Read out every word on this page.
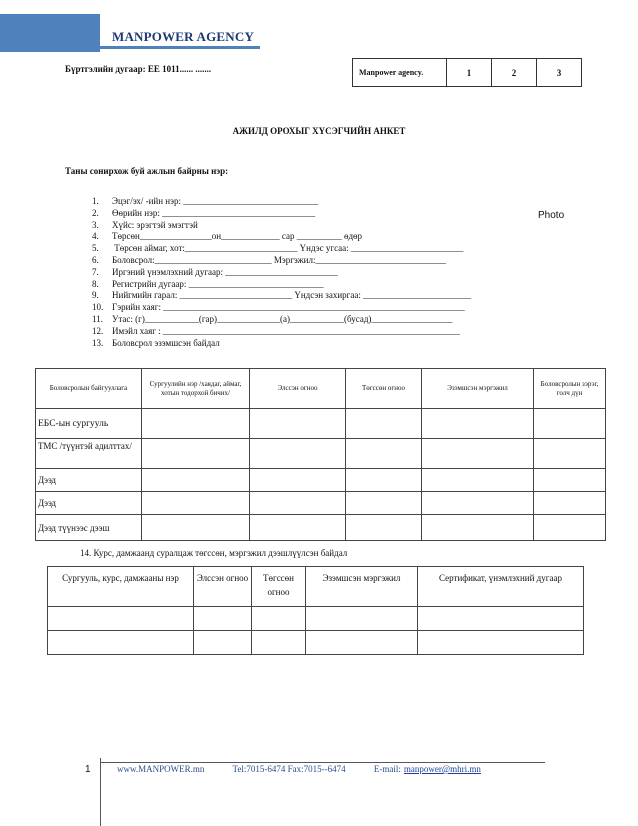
MANPOWER AGENCY
Бүртгэлийн дугаар: ЕЕ 1011...... .......	Manpower agency.	1	2	3
АЖИЛД ОРОХЫГ ХҮСЭГЧИЙН АНКЕТ
Таны сонирхож буй ажлын байрны нэр:
1. Эцэг/эх/ -ийн нэр: ______________________________
2. Өөрийн нэр: __________________________________
3. Хүйс: эрэгтэй эмэгтэй
4. Төрсөн________________он_____________ сар __________ өдөр
5. Төрсөн аймаг, хот:_________________________ Үндэс угсаа: _________________________
6. Боловсрол:__________________________ Мэргэжил:_____________________________
7. Иргэний үнэмлэхний дугаар: _________________________
8. Регистрийн дугаар: ______________________________
9. Нийгмийн гарал: _________________________ Үндсэн захиргаа: ________________________
10. Гэрийн хаяг: ___________________________________________________________________
11. Утас: (г)____________(гар)______________(а)____________(бусад)__________________
12. Имэйл хаяг : __________________________________________________________________
13. Боловсрол эзэмшсэн байдал
Photo
Боловсролын байгууллага	Сургуулийн нэр /хаядаг, аймаг, хотын тодорхой бичих/	Элссэн огноо	Төгссөн огноо	Эзэмшсэн мэргэжил	Боловсролын зэрэг, голч дүн
ЕБС-ын сургууль					
ТМС /түүнтэй адилттах/					
Дээд					
Дээд					
Дээд түүнээс дээш					
14. Курс, дамжаанд суралцаж төгссөн, мэргэжил дээшлүүлсэн байдал
Сургууль, курс, дамжааны нэр	Элссэн огноо	Төгссөн огноо	Эзэмшсэн мэргэжил	Сертификат, үнэмлэхний дугаар

1	www.MANPOWER.mn	Tel:7015-6474 Fax:7015--6474	E-mail: manpower@mhri.mn
